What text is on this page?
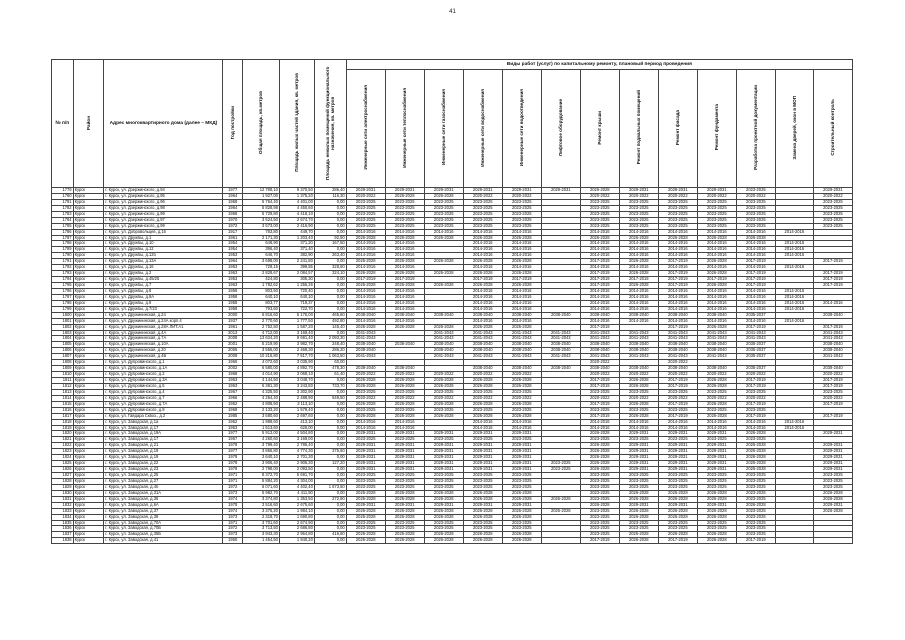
41
№ п/п	Район	Адрес многоквартирного дома (далее – МКД)	Год постройки	Общая площадь, кв.метров	Площадь жилых частей здания, кв. метров	Площадь нежилых помещений функционального назначения, кв. метров	Виды работ (услуг) по капитальному ремонту, плановый период проведения												
							Инженерные сети электроснабжения	Инженерные сети теплоснабжения	Инженерные сети газоснабжения	Инженерные сети водоснабжения	Инженерные сети водоотведения	Лифтовое оборудование	Ремонт крыши	Ремонт подвальных помещений	Ремонт фасада	Ремонт фундамента	Разработка проектной документации	Замена дверей, окон в МОП	Строительный контроль
1779	Курск	г. Курск, ул. Дзержинского, д.94	1977	12 788,10	9 370,50	286,40	2029-2031	2029-2031	2029-2031	2029-2031	2029-2031	2029-2031	2026-2028	2029-2031	2029-2031	2029-2031	2023-2025		2029-2031
1780	Курск	г. Курск, ул. Дзержинского, д.95	1964	1 927,00	1 375,20	116,30	2020-2022	2026-2028	2026-2028	2020-2022	2020-2022		2020-2022	2020-2022	2020-2022	2020-2022	2020-2022		2020-2022
1781	Курск	г. Курск, ул. Дзержинского, д.96	1968	5 764,40	4 401,00	0,00	2023-2025	2023-2025	2023-2025	2023-2025	2023-2025		2023-2025	2023-2025	2023-2025	2023-2025	2023-2025		2023-2025
1782	Курск	г. Курск, ул. Дзержинского, д.98	1964	5 828,98	4 450,60	0,00	2023-2025	2023-2025	2023-2025	2023-2025	2023-2025		2023-2025	2023-2025	2023-2025	2023-2025	2023-2025		2023-2025
1783	Курск	г. Курск, ул. Дзержинского, д.99	1968	5 729,80	4 418,10	0,00	2023-2025	2023-2025	2023-2025	2023-2025	2023-2025		2023-2025	2023-2025	2023-2025	2023-2025	2023-2025		2023-2025
1784	Курск	г. Курск, ул. Дзержинского, д.97	1970	3 524,50	2 674,70	0,00	2023-2025	2023-2025	2023-2025	2023-2025	2023-2025		2023-2025	2023-2025	2023-2025	2023-2025	2023-2025		2023-2025
1785	Курск	г. Курск, ул. Дзержинского, д.99	1972	3 573,00	2 416,90	0,00	2023-2025	2023-2025	2023-2025	2023-2025	2023-2025		2023-2025	2023-2025	2023-2025	2023-2025	2023-2025		2023-2025
1786	Курск	г. Курск, ул. Добровольцев, д.16	1917	783,80	449,70	0,00	2014-2016	2014-2016	2014-2016	2014-2016	2014-2016		2014-2016	2014-2016	2014-2016	2014-2016	2014-2016	2014-2016	
1787	Курск	г. Курск, ул. Дружбы, д.1	1961	2 171,30	1 203,40	92,50	2026-2028	2026-2028	2026-2028	2026-2028	2026-2028		2026-2028	2026-2028	2026-2028	2026-2028	2026-2028		
1788	Курск	г. Курск, ул. Дружбы, д.10	1954	648,90	371,20	167,50	2014-2016	2014-2016		2014-2016	2014-2016		2014-2016	2014-2016	2014-2016	2014-2016	2014-2016	2014-2016	
1789	Курск	г. Курск, ул. Дружбы, д.12	1954	396,40	371,40	0,00	2014-2016	2014-2016		2014-2016	2014-2016		2014-2016	2014-2016	2014-2016	2014-2016	2014-2016	2014-2016	
1790	Курск	г. Курск, ул. Дружбы, д.12б	1953	646,70	382,90	263,40	2014-2016	2014-2016		2014-2016	2014-2016		2014-2016	2014-2016	2014-2016	2014-2016	2014-2016	2014-2016	
1791	Курск	г. Курск, ул. Дружбы, д.13А	1964	3 698,00	2 241,80	0,00	2026-2028	2026-2028	2026-2028	2026-2028	2026-2028		2017-2019	2026-2028	2017-2019	2026-2028	2017-2019		2017-2019
1792	Курск	г. Курск, ул. Дружбы, д.16	1953	728,15	399,55	328,60	2014-2016	2014-2016		2014-2016	2014-2016		2014-2016	2014-2016	2014-2016	2014-2016	2014-2016	2014-2016	
1793	Курск	г. Курск, ул. Дружбы, д.2	1963	2 828,67	2 084,57	324,10	2026-2028	2026-2028	2026-2028	2026-2028	2026-2028		2017-2019	2026-2028	2017-2019	2026-2028	2017-2019		2017-2019
1794	Курск	г. Курск, ул. Дружбы, д.45/25	1953	424,80	305,30	0,00	2017-2019	2017-2019		2017-2019	2017-2019		2017-2019	2017-2019	2017-2019	2017-2019	2017-2019		2017-2019
1795	Курск	г. Курск, ул. Дружбы, д.7	1963	1 782,62	1 256,26	0,00	2026-2028	2026-2028	2026-2028	2026-2028	2026-2028		2017-2019	2026-2028	2017-2019	2026-2028	2017-2019		2017-2019
1796	Курск	г. Курск, ул. Дружбы, д.8	1958	803,50	720,40	0,00	2014-2016	2014-2016		2014-2016	2014-2016		2014-2016	2014-2016	2014-2016	2014-2016	2014-2016	2014-2016	
1797	Курск	г. Курск, ул. Дружбы, д.9А	1958	640,10	640,10	0,00	2014-2016	2014-2016		2014-2016	2014-2016		2014-2016	2014-2016	2014-2016	2014-2016	2014-2016	2014-2016	
1798	Курск	г. Курск, ул. Дружбы, д.9	1958	803,77	719,37	0,00	2014-2016	2014-2016		2014-2016	2014-2016		2014-2016	2014-2016	2014-2016	2014-2016	2014-2016	2014-2016	2014-2016
1799	Курск	г. Курск, ул. Дружбы, д.7/23	1958	793,60	722,70	0,00	2014-2016	2014-2016		2014-2016	2014-2016		2014-2016	2014-2016	2014-2016	2014-2016	2014-2016	2014-2016	
1800	Курск	г. Курск, ул. Дружининская, д.24	2000	6 816,60	5 175,00	465,60	2038-2040	2038-2040	2038-2040	2038-2040	2038-2040	2038-2040	2038-2040	2038-2040	2038-2040	2038-2040	2035-2037		2038-2040
1801	Курск	г. Курск, ул. Дружининская, д.24А корп.4	1937	2 770,60	1 777,50	492,80	2014-2016	2014-2016		2014-2016	2014-2016		2014-2016	2014-2016	2014-2016	2014-2016	2014-2016	2014-2016	
1802	Курск	г. Курск, ул. Дружининская, д.28А ЛИТ.А1	1961	2 752,50	1 587,20	145,40	2026-2028	2026-2028	2026-2028	2026-2028	2026-2028		2017-2019		2017-2019	2026-2028	2017-2019		2017-2019
1803	Курск	г. Курск, ул. Дружининская, д.4А	2013	4 712,00	3 169,40	0,00	2041-2043		2041-2043	2041-2043	2041-2043	2041-2043	2041-2043	2041-2043	2041-2043	2041-2043	2041-2043		2041-2043
1804	Курск	г. Курск, ул. Дружининская, д.7А	2008	13 634,20	9 691,40	2 093,30	2041-2043		2041-2043	2041-2043	2041-2043	2041-2043	2041-2043	2041-2043	2041-2043	2041-2043	2041-2043		2041-2043
1805	Курск	г. Курск, ул. Дружининская, д.10А	2001	5 219,90	3 982,70	248,40	2038-2040	2038-2040	2038-2040	2038-2040	2038-2040	2038-2040	2038-2040	2038-2040	2038-2040	2038-2040	2035-2037		2038-2040
1806	Курск	г. Курск, ул. Дружининская, д.20	2006	3 556,00	2 468,30	286,20	2038-2040		2038-2040	2038-2040	2038-2040	2038-2040	2038-2040	2038-2040	2038-2040	2038-2040	2035-2037		2038-2040
1807	Курск	г. Курск, ул. Дружининская, д.4Б	2009	10 215,80	7 517,70	1 063,50	2041-2043		2041-2043	2041-2043	2041-2043	2041-2043	2041-2043	2041-2043	2041-2043	2041-2043	2035-2037		2041-2043
1808	Курск	г. Курск, ул. Дубровинского, д.1	1966	4 072,60	3 035,90	60,00							2020-2022		2020-2022				
1809	Курск	г. Курск, ул. Дубровинского, д.1А	2002	6 580,00	4 892,70	478,30	2038-2040	2038-2040		2038-2040	2038-2040	2038-2040	2038-2040	2038-2040	2038-2040	2038-2040	2035-2037		2038-2040
1810	Курск	г. Курск, ул. Дубровинского, д.2	1968	4 014,90	3 068,10	61,40	2020-2022	2020-2022	2020-2022	2020-2022	2020-2022		2020-2022	2020-2022	2020-2022	2020-2022	2020-2022		2020-2022
1811	Курск	г. Курск, ул. Дубровинского, д.3А	1963	4 144,50	3 048,70	0,00	2026-2028	2026-2028	2026-2028	2026-2028	2026-2028		2017-2019	2026-2028	2017-2019	2026-2028	2017-2019		2017-2019
1812	Курск	г. Курск, ул. Дубровинского, д.5	1963	6 381,30	3 243,80	733,70	2026-2028	2026-2028	2026-2028	2026-2028	2026-2028		2017-2019	2026-2028	2017-2019	2026-2028	2017-2019		2017-2019
1813	Курск	г. Курск, ул. Дубровинского, д.4	1967	4 325,50	3 302,90	0,00	2023-2025	2023-2025	2023-2025	2023-2025	2023-2025		2023-2025	2023-2025	2023-2025	2023-2025	2023-2025		2023-2025
1814	Курск	г. Курск, ул. Дубровинского, д.7	1966	4 254,40	2 488,90	549,50	2020-2022	2020-2022	2020-2022	2020-2022	2020-2022		2020-2022	2020-2022	2020-2022	2020-2022	2020-2022		2020-2022
1815	Курск	г. Курск, ул. Дубровинского, д.7А	1962	4 808,50	3 113,10	0,00	2026-2028	2026-2028	2026-2028	2026-2028	2026-2028		2017-2019	2026-2028	2017-2019	2026-2028	2017-2019		2017-2019
1816	Курск	г. Курск, ул. Дубровинского, д.9	1968	2 133,20	1 579,40	0,00	2023-2025	2023-2025	2023-2025	2023-2025	2023-2025		2023-2025	2023-2025	2023-2025	2023-2025	2023-2025		
1817	Курск	г. Курск, ул. Гайдара Сквоз., д.2	1985	3 580,60	2 697,60	0,00	2026-2028	2026-2028	2026-2028	2026-2028	2026-2028		2017-2019	2026-2028	2017-2019	2026-2028	2017-2019		2017-2019
1818	Курск	г. Курск, ул. Заводская, д.1а	1952	1 988,60	413,10	0,00	2014-2016	2014-2016		2014-2016	2014-2016		2014-2016	2014-2016	2014-2016	2014-2016	2014-2016	2014-2016	
1819	Курск	г. Курск, ул. Заводская, д.17	1953	1 513,60	626,00	0,00	2014-2016	2014-2016		2014-2016	2014-2016		2014-2016	2014-2016	2014-2016	2014-2016	2014-2016	2014-2016	
1820	Курск	г. Курск, ул. Заводская, д.19А	1977	5 913,00	4 504,80	0,00	2029-2031	2029-2031	2029-2031	2029-2031	2029-2031		2026-2028	2029-2031	2029-2031	2029-2031	2026-2028		2029-2031
1821	Курск	г. Курск, ул. Заводская, д.17	1967	4 260,60	3 169,00	0,00	2023-2025	2023-2025	2023-2025	2023-2025	2023-2025		2023-2025	2023-2025	2023-2025	2023-2025	2023-2025		
1822	Курск	г. Курск, ул. Заводская, д.21	1978	3 799,40	2 786,40	0,00	2029-2031	2029-2031	2029-2031	2029-2031	2029-2031		2026-2028	2029-2031	2029-2031	2029-2031	2026-2028		2029-2031
1823	Курск	г. Курск, ул. Заводская, д.19	1977	3 866,80	4 774,30	375,60	2029-2031	2029-2031	2029-2031	2029-2031	2029-2031		2026-2028	2029-2031	2029-2031	2029-2031	2026-2028		2029-2031
1824	Курск	г. Курск, ул. Заводская, д.19	1978	3 640,10	2 701,30	0,00	2029-2031	2029-2031	2029-2031	2029-2031	2029-2031		2026-2028	2029-2031	2029-2031	2029-2031	2026-2028		2029-2031
1825	Курск	г. Курск, ул. Заводская, д.22	1978	3 906,40	2 905,30	127,20	2029-2031	2029-2031	2029-2031	2029-2031	2029-2031	2023-2025	2026-2028	2029-2031	2029-2031	2029-2031	2026-2028		2029-2031
1826	Курск	г. Курск, ул. Заводская, д.23	1978	2 798,00	2 093,50	0,00	2029-2031	2029-2031	2029-2031	2029-2031	2029-2031	2023-2025	2026-2028	2029-2031	2029-2031	2029-2031	2026-2028		2029-2031
1827	Курск	г. Курск, ул. Заводская, д.25	1971	8 372,70	5 691,70	0,00	2023-2025	2023-2025	2023-2025	2023-2025	2023-2025		2023-2025	2023-2025	2023-2025	2023-2025	2023-2025		2023-2025
1828	Курск	г. Курск, ул. Заводская, д.27	1971	5 884,20	4 304,00	0,00	2023-2025	2023-2025	2023-2025	2023-2025	2023-2025		2023-2025	2023-2025	2023-2025	2023-2025	2023-2025		2023-2025
1829	Курск	г. Курск, ул. Заводская, д.4б	1972	6 071,60	4 402,40	1 673,50	2023-2025	2023-2025	2023-2025	2023-2025	2023-2025		2023-2025	2023-2025	2023-2025	2023-2025	2023-2025		2023-2025
1830	Курск	г. Курск, ул. Заводская, д.31А	1973	5 982,70	4 411,90	0,00	2026-2028	2026-2028	2026-2028	2026-2028	2026-2028		2023-2025	2026-2028	2026-2028	2026-2028	2023-2025		2026-2028
1831	Курск	г. Курск, ул. Заводская, д.35	1974	3 374,80	1 353,50	272,90	2026-2028	2026-2028	2026-2028	2026-2028	2026-2028	2026-2028	2023-2025	2026-2028	2026-2028	2026-2028	2023-2025		2026-2028
1832	Курск	г. Курск, ул. Заводская, д.6А	1978	3 516,60	2 675,60	0,00	2029-2031	2029-2031	2029-2031	2029-2031	2029-2031		2026-2028	2029-2031	2029-2031	2029-2031	2026-2028		2029-2031
1833	Курск	г. Курск, ул. Заводская, д.37	1974	3 375,20	1 984,10	0,00	2026-2028	2026-2028	2026-2028	2026-2028	2026-2028	2026-2028	2023-2025	2026-2028	2026-2028	2026-2028	2023-2025		2026-2028
1834	Курск	г. Курск, ул. Заводская, д.39	1973	2 318,70	1 690,80	0,00	2026-2028	2026-2028	2026-2028	2026-2028	2026-2028		2023-2025	2026-2028	2026-2028	2026-2028	2023-2025		
1835	Курск	г. Курск, ул. Заводская, д.70А	1971	3 701,60	2 674,90	0,00	2023-2025	2023-2025	2023-2025	2023-2025	2023-2025		2023-2025	2023-2025	2023-2025	2023-2025	2023-2025		
1836	Курск	г. Курск, ул. Заводская, д.70Б	1972	3 713,50	2 686,80	0,00	2023-2025	2023-2025	2023-2025	2023-2025	2023-2025		2023-2025	2023-2025	2023-2025	2023-2025	2023-2025		
1837	Курск	г. Курск, ул. Заводская, д.35Б	1973	3 943,30	2 964,80	416,60	2026-2028	2026-2028	2026-2028	2026-2028	2026-2028		2023-2025	2026-2028	2026-2028	2026-2028	2023-2025		
1838	Курск	г. Курск, ул. Заводская, д.41	1960	1 454,50	1 840,20	0,00	2026-2028	2026-2028	2026-2028	2026-2028	2026-2028		2017-2019	2026-2028	2017-2019	2026-2028	2017-2019		
